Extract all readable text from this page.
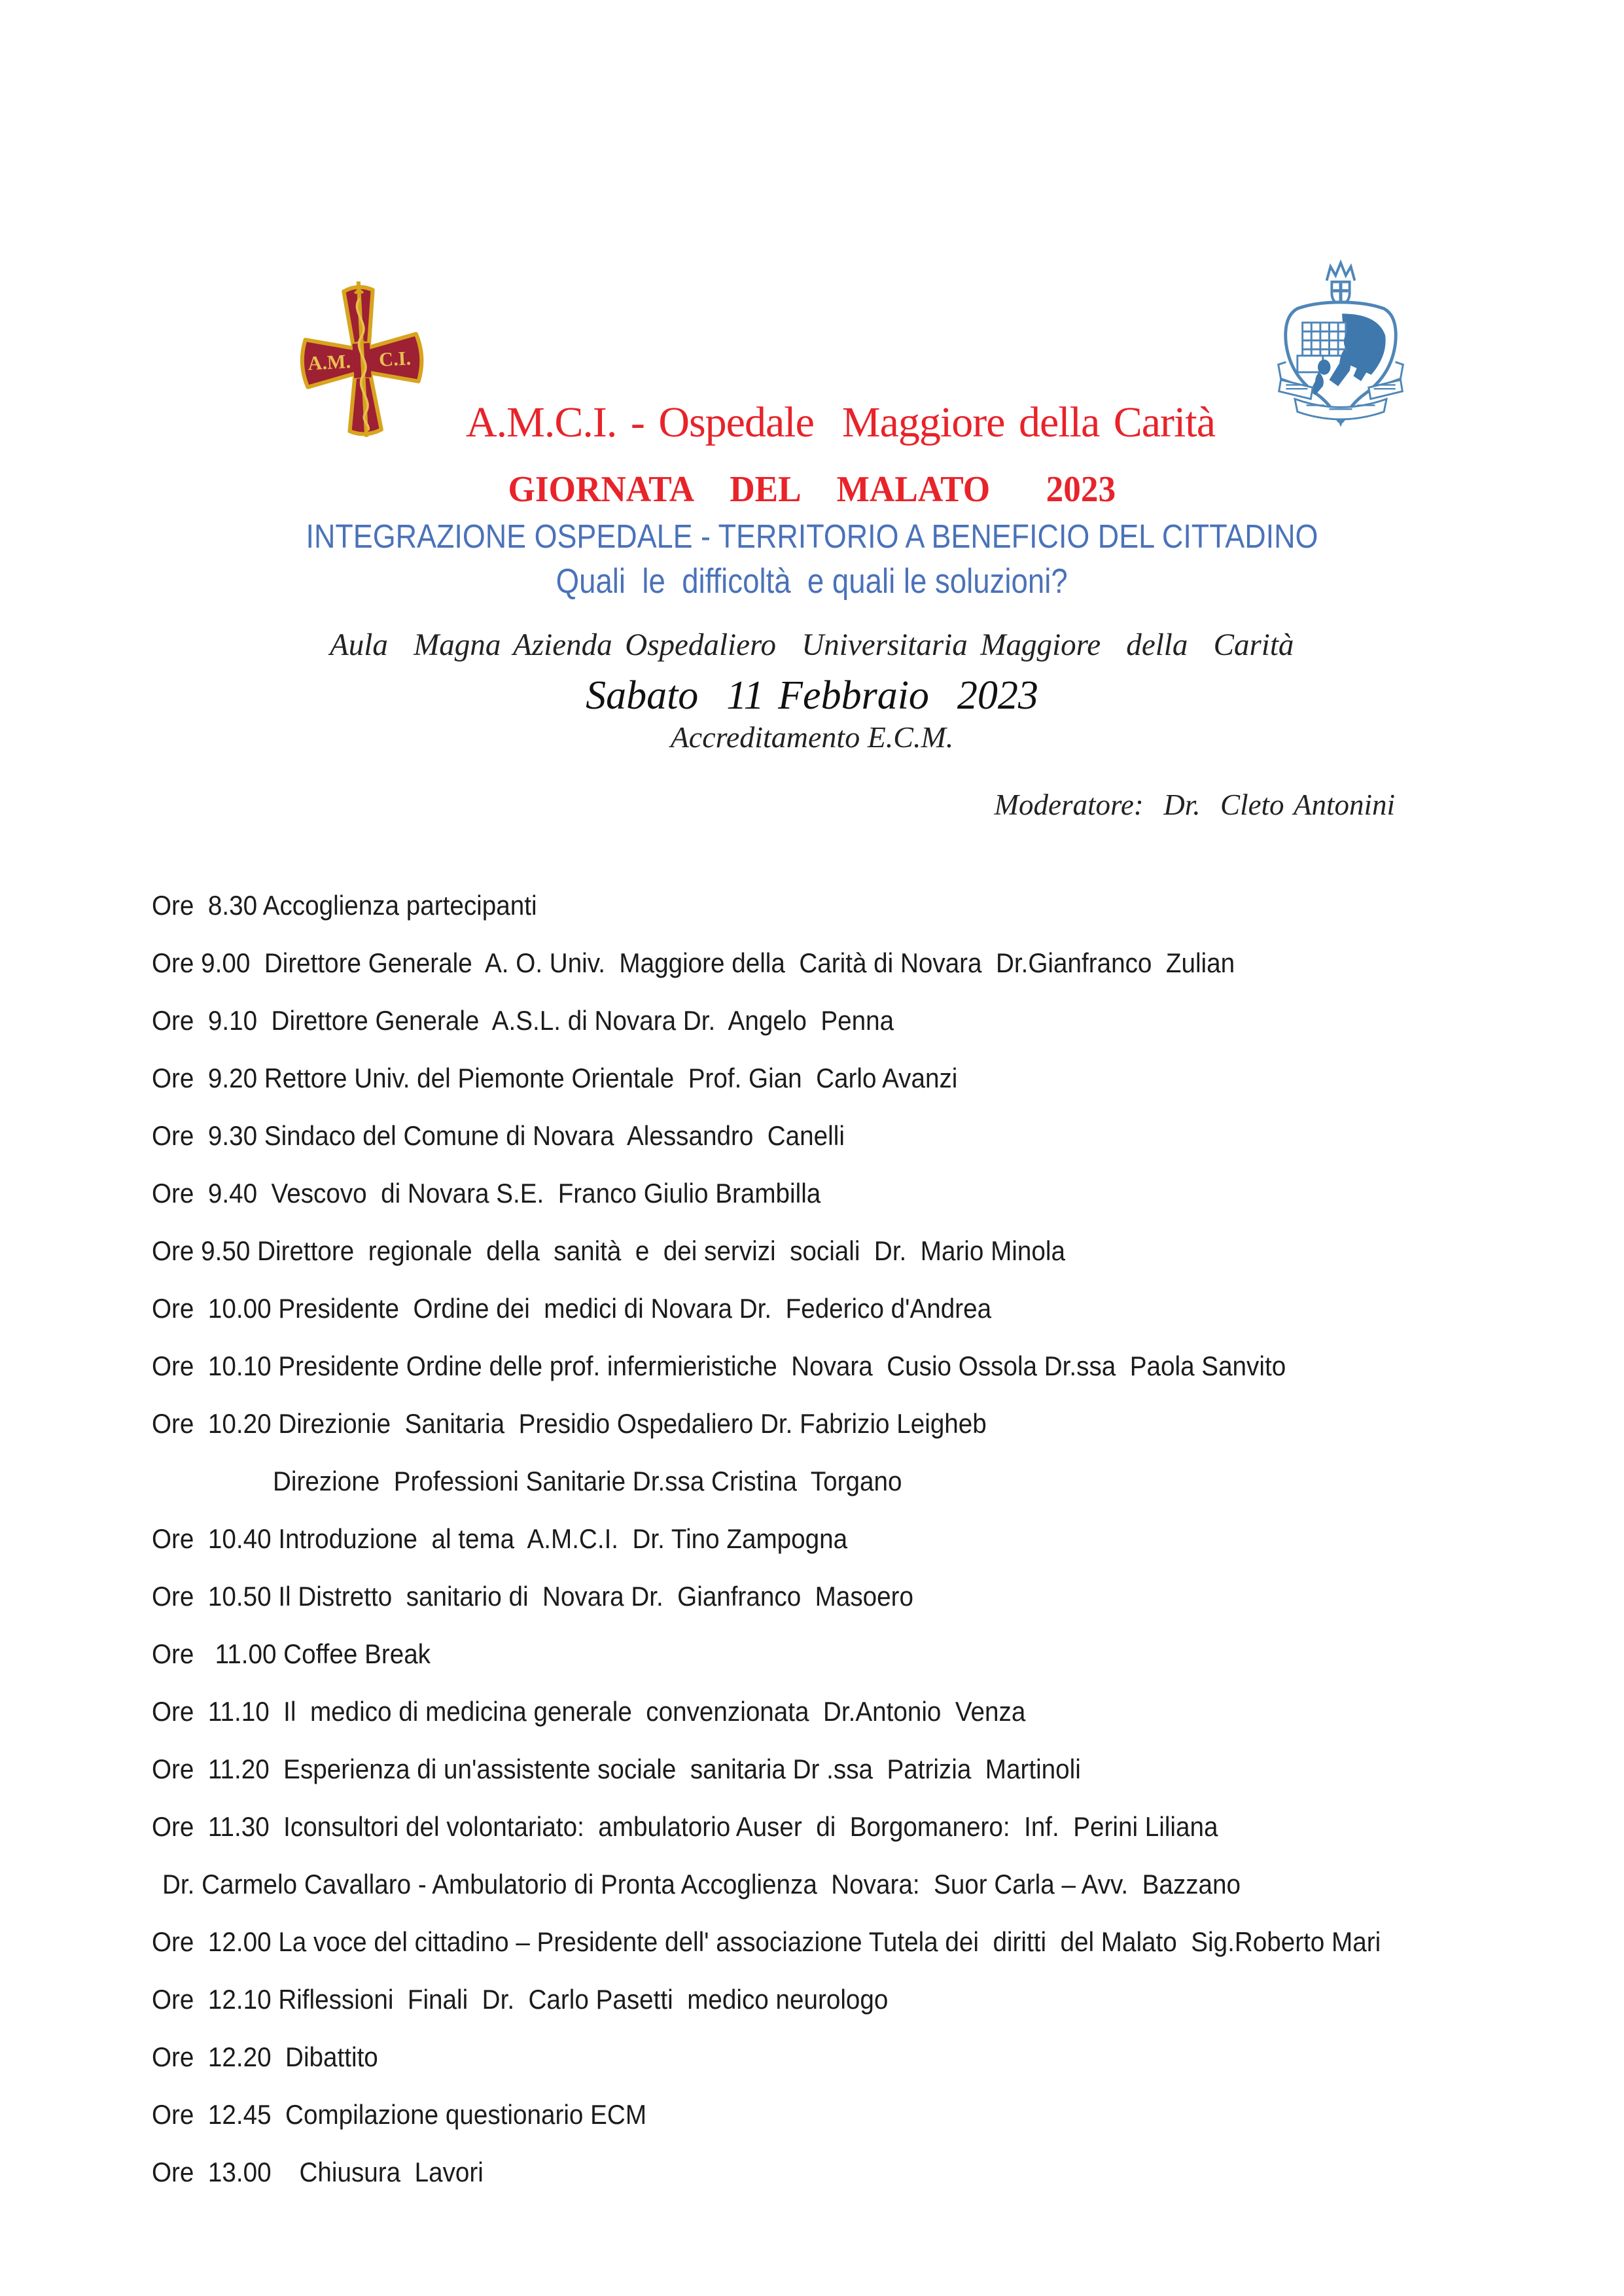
A.M. C.I.
A.M.C.I. - Ospedale  Maggiore della Carità
GIORNATA  DEL  MALATO   2023
INTEGRAZIONE OSPEDALE - TERRITORIO A BENEFICIO DEL CITTADINO
Quali  le  difficoltà  e quali le soluzioni?
Aula  Magna Azienda Ospedaliero  Universitaria Maggiore  della  Carità
Sabato  11 Febbraio  2023
Accreditamento E.C.M.
Moderatore:  Dr.  Cleto Antonini
Ore  8.30 Accoglienza partecipanti
Ore 9.00  Direttore Generale  A. O. Univ.  Maggiore della  Carità di Novara  Dr.Gianfranco  Zulian
Ore  9.10  Direttore Generale  A.S.L. di Novara Dr.  Angelo  Penna
Ore  9.20 Rettore Univ. del Piemonte Orientale  Prof. Gian  Carlo Avanzi
Ore  9.30 Sindaco del Comune di Novara  Alessandro  Canelli
Ore  9.40  Vescovo  di Novara S.E.  Franco Giulio Brambilla
Ore 9.50 Direttore  regionale  della  sanità  e  dei servizi  sociali  Dr.  Mario Minola
Ore  10.00 Presidente  Ordine dei  medici di Novara Dr.  Federico d'Andrea
Ore  10.10 Presidente Ordine delle prof. infermieristiche  Novara  Cusio Ossola Dr.ssa  Paola Sanvito
Ore  10.20 Direzionie  Sanitaria  Presidio Ospedaliero Dr. Fabrizio Leigheb
Direzione  Professioni Sanitarie Dr.ssa Cristina  Torgano
Ore  10.40 Introduzione  al tema  A.M.C.I.  Dr. Tino Zampogna
Ore  10.50 Il Distretto  sanitario di  Novara Dr.  Gianfranco  Masoero
Ore   11.00 Coffee Break
Ore  11.10  Il  medico di medicina generale  convenzionata  Dr.Antonio  Venza
Ore  11.20  Esperienza di un'assistente sociale  sanitaria Dr .ssa  Patrizia  Martinoli
Ore  11.30  Iconsultori del volontariato:  ambulatorio Auser  di  Borgomanero:  Inf.  Perini Liliana
Dr. Carmelo Cavallaro - Ambulatorio di Pronta Accoglienza  Novara:  Suor Carla – Avv.  Bazzano
Ore  12.00 La voce del cittadino – Presidente dell' associazione Tutela dei  diritti  del Malato  Sig.Roberto Mari
Ore  12.10 Riflessioni  Finali  Dr.  Carlo Pasetti  medico neurologo
Ore  12.20  Dibattito
Ore  12.45  Compilazione questionario ECM
Ore  13.00    Chiusura  Lavori
